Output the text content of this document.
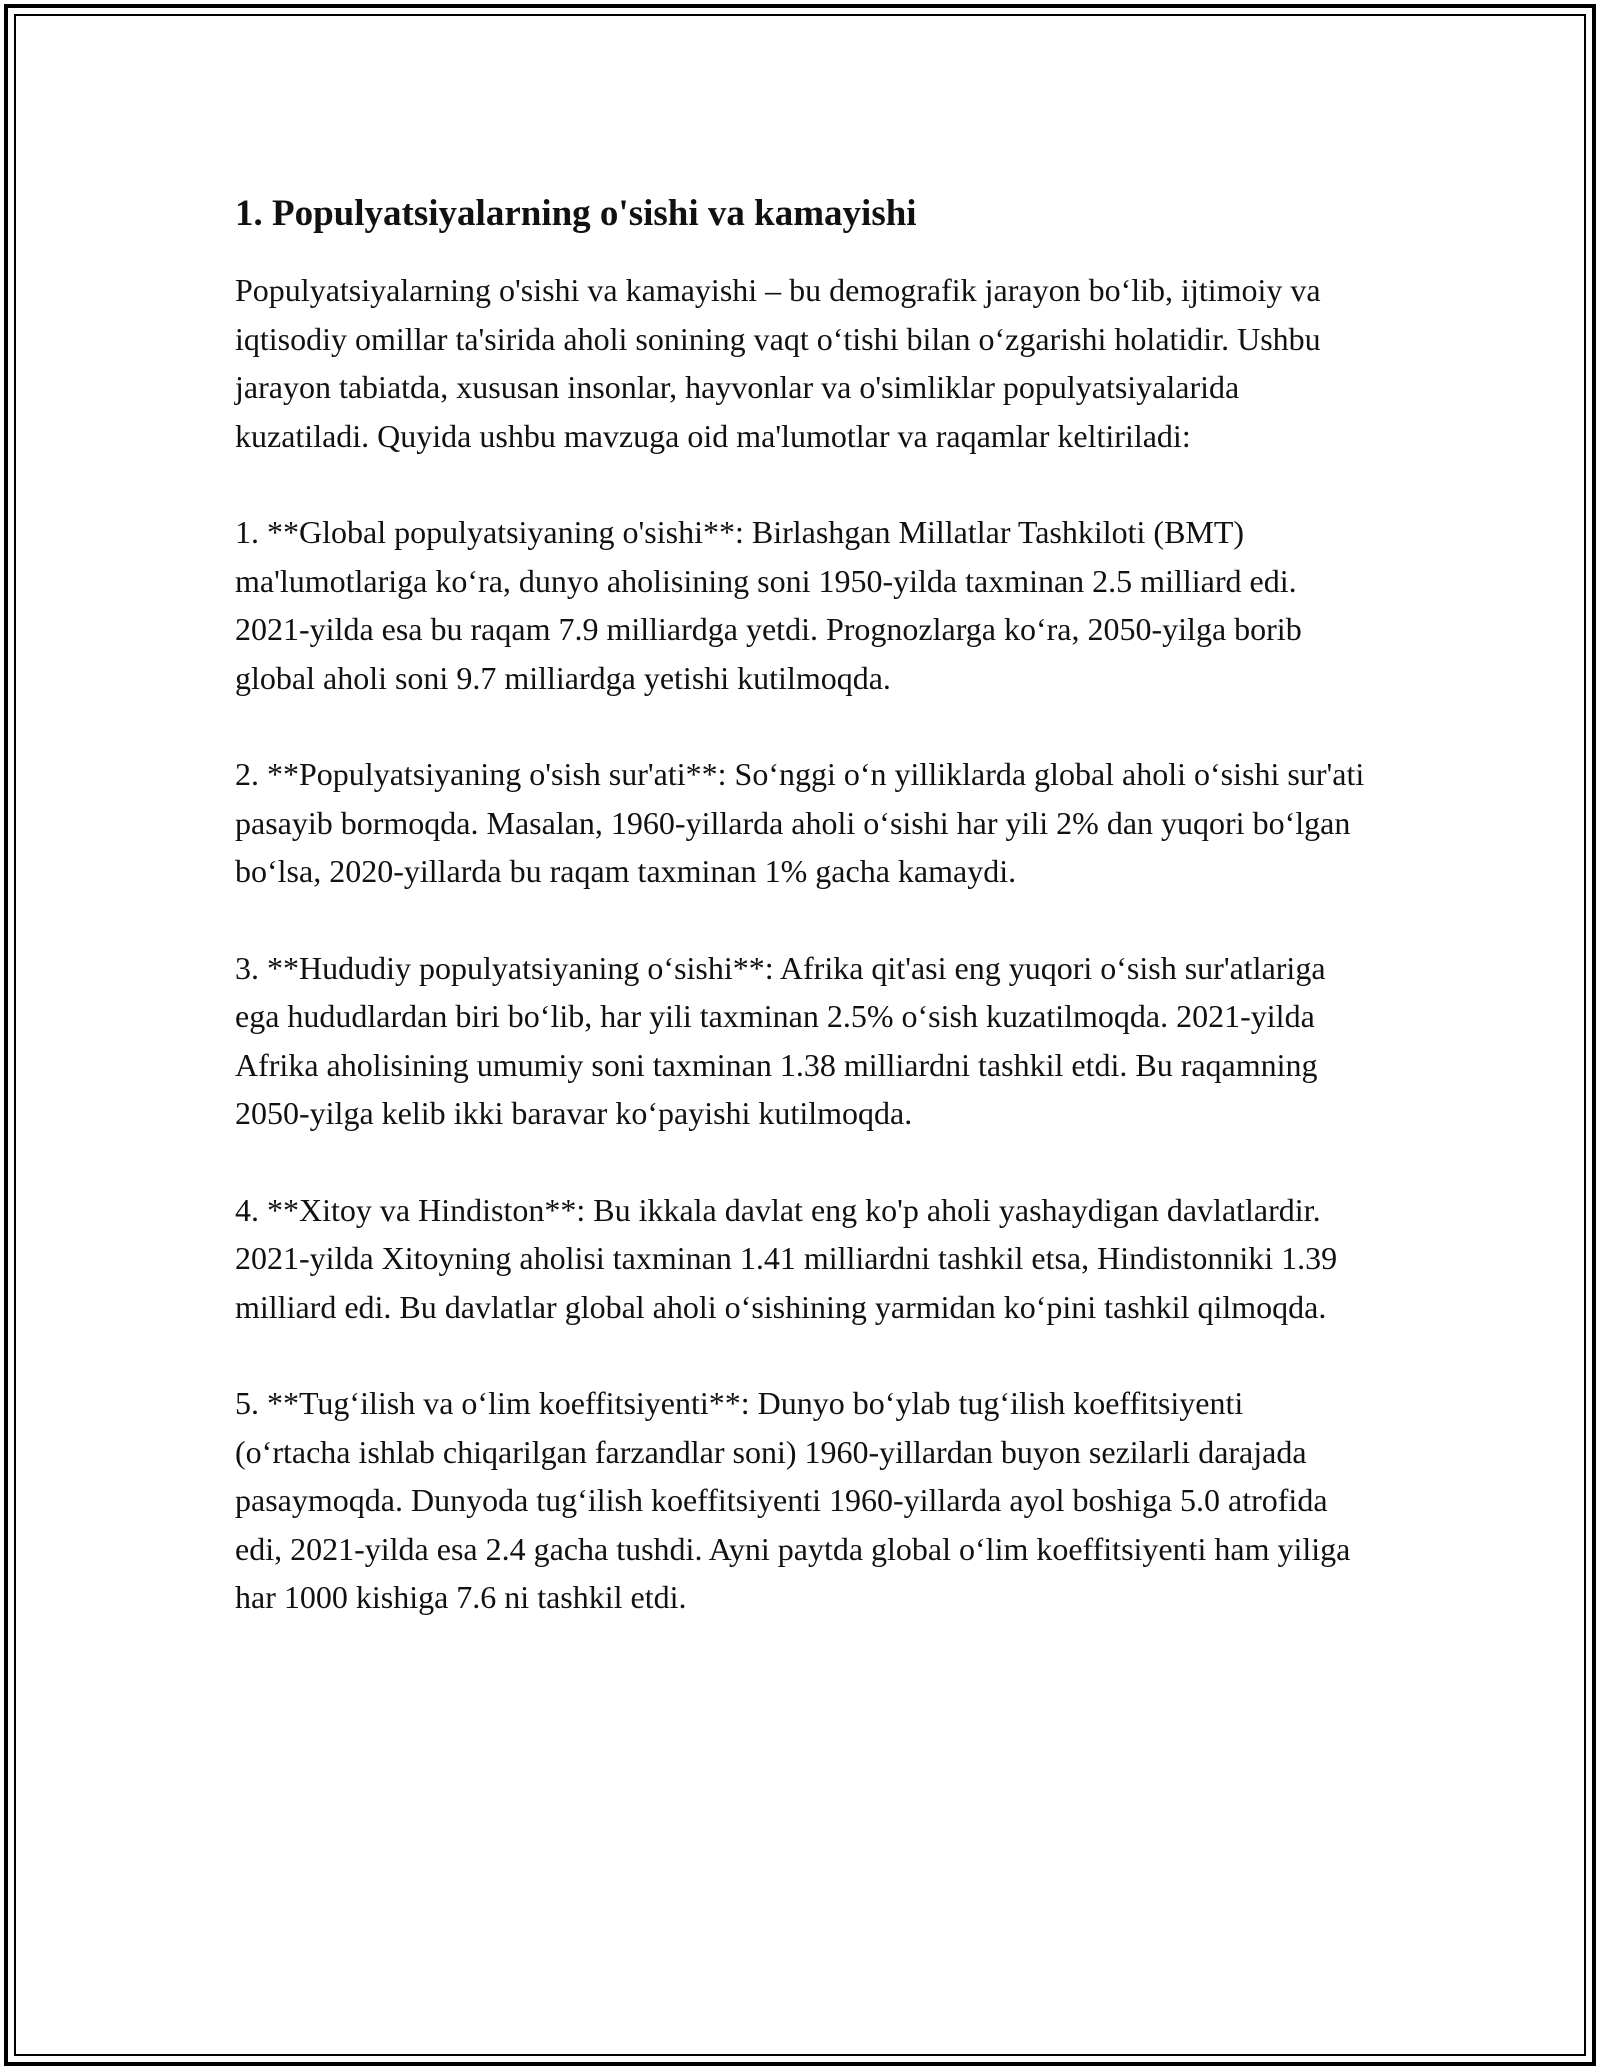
1. Populyatsiyalarning o'sishi va kamayishi

Populyatsiyalarning o'sishi va kamayishi – bu demografik jarayon bo‘lib, ijtimoiy va iqtisodiy omillar ta'sirida aholi sonining vaqt o‘tishi bilan o‘zgarishi holatidir. Ushbu jarayon tabiatda, xususan insonlar, hayvonlar va o'simliklar populyatsiyalarida kuzatiladi. Quyida ushbu mavzuga oid ma'lumotlar va raqamlar keltiriladi:

1. **Global populyatsiyaning o'sishi**: Birlashgan Millatlar Tashkiloti (BMT) ma'lumotlariga ko‘ra, dunyo aholisining soni 1950-yilda taxminan 2.5 milliard edi. 2021-yilda esa bu raqam 7.9 milliardga yetdi. Prognozlarga ko‘ra, 2050-yilga borib global aholi soni 9.7 milliardga yetishi kutilmoqda.

2. **Populyatsiyaning o'sish sur'ati**: So‘nggi o‘n yilliklarda global aholi o‘sishi sur'ati pasayib bormoqda. Masalan, 1960-yillarda aholi o‘sishi har yili 2% dan yuqori bo‘lgan bo‘lsa, 2020-yillarda bu raqam taxminan 1% gacha kamaydi.

3. **Hududiy populyatsiyaning o‘sishi**: Afrika qit'asi eng yuqori o‘sish sur'atlariga ega hududlardan biri bo‘lib, har yili taxminan 2.5% o‘sish kuzatilmoqda. 2021-yilda Afrika aholisining umumiy soni taxminan 1.38 milliardni tashkil etdi. Bu raqamning 2050-yilga kelib ikki baravar ko‘payishi kutilmoqda.

4. **Xitoy va Hindiston**: Bu ikkala davlat eng ko'p aholi yashaydigan davlatlardir. 2021-yilda Xitoyning aholisi taxminan 1.41 milliardni tashkil etsa, Hindistonniki 1.39 milliard edi. Bu davlatlar global aholi o‘sishining yarmidan ko‘pini tashkil qilmoqda.

5. **Tug‘ilish va o‘lim koeffitsiyenti**: Dunyo bo‘ylab tug‘ilish koeffitsiyenti (o‘rtacha ishlab chiqarilgan farzandlar soni) 1960-yillardan buyon sezilarli darajada pasaymoqda. Dunyoda tug‘ilish koeffitsiyenti 1960-yillarda ayol boshiga 5.0 atrofida edi, 2021-yilda esa 2.4 gacha tushdi. Ayni paytda global o‘lim koeffitsiyenti ham yiliga har 1000 kishiga 7.6 ni tashkil etdi.
